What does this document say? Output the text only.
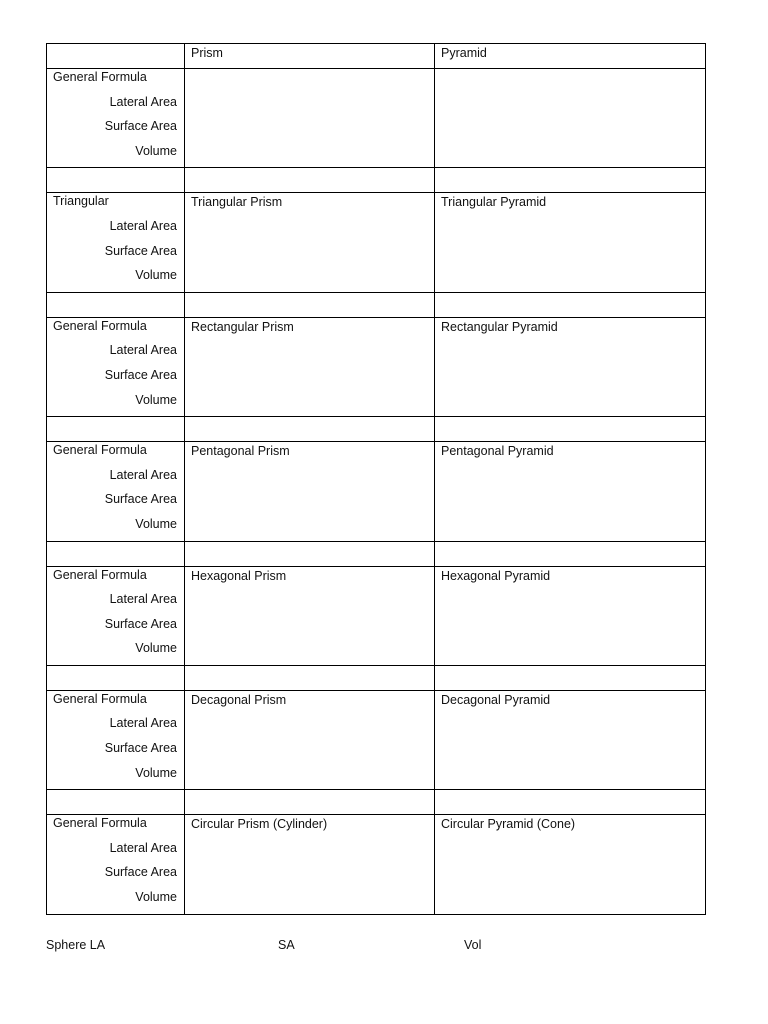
	Prism	Pyramid

General Formula
Lateral Area
Surface Area
Volume		

Triangular
Lateral Area
Surface Area
Volume	Triangular Prism	Triangular Pyramid

General Formula
Lateral Area
Surface Area
Volume	Rectangular Prism	Rectangular Pyramid

General Formula
Lateral Area
Surface Area
Volume	Pentagonal Prism	Pentagonal Pyramid

General Formula
Lateral Area
Surface Area
Volume	Hexagonal Prism	Hexagonal Pyramid

General Formula
Lateral Area
Surface Area
Volume	Decagonal Prism	Decagonal Pyramid

General Formula
Lateral Area
Surface Area
Volume	Circular Prism (Cylinder)	Circular Pyramid (Cone)
Sphere LA	SA	Vol
